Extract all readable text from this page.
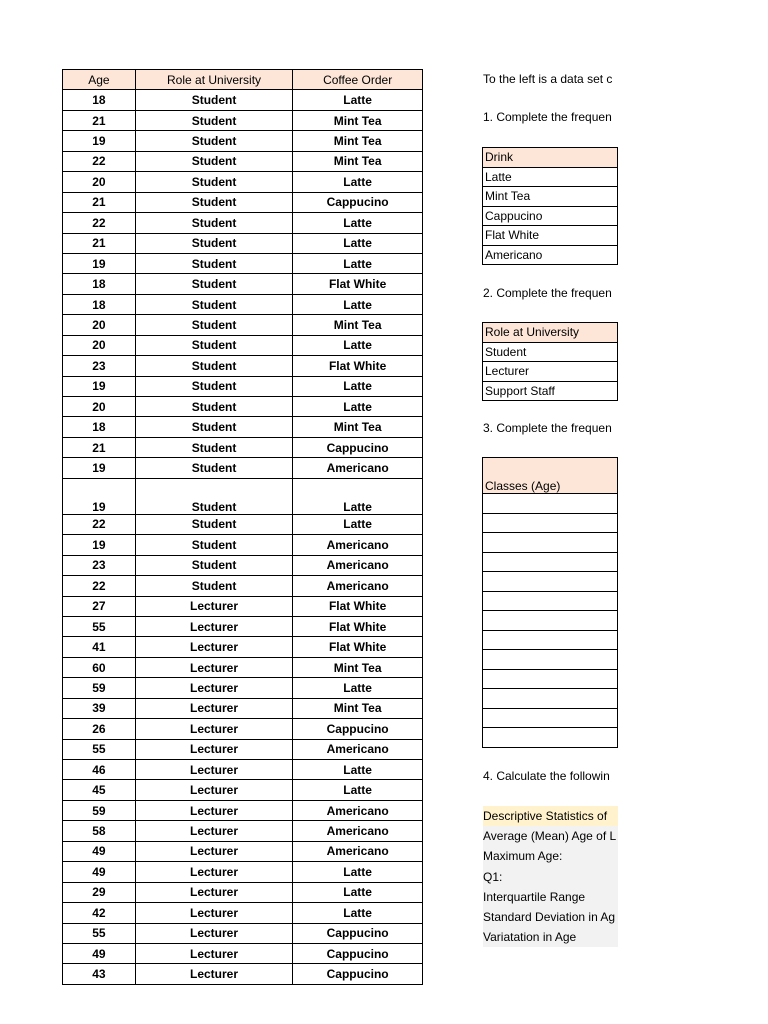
Age	Role at University	Coffee Order
18	Student	Latte
21	Student	Mint Tea
19	Student	Mint Tea
22	Student	Mint Tea
20	Student	Latte
21	Student	Cappucino
22	Student	Latte
21	Student	Latte
19	Student	Latte
18	Student	Flat White
18	Student	Latte
20	Student	Mint Tea
20	Student	Latte
23	Student	Flat White
19	Student	Latte
20	Student	Latte
18	Student	Mint Tea
21	Student	Cappucino
19	Student	Americano
19	Student	Latte
22	Student	Latte
19	Student	Americano
23	Student	Americano
22	Student	Americano
27	Lecturer	Flat White
55	Lecturer	Flat White
41	Lecturer	Flat White
60	Lecturer	Mint Tea
59	Lecturer	Latte
39	Lecturer	Mint Tea
26	Lecturer	Cappucino
55	Lecturer	Americano
46	Lecturer	Latte
45	Lecturer	Latte
59	Lecturer	Americano
58	Lecturer	Americano
49	Lecturer	Americano
49	Lecturer	Latte
29	Lecturer	Latte
42	Lecturer	Latte
55	Lecturer	Cappucino
49	Lecturer	Cappucino
43	Lecturer	Cappucino
To the left is a data set c
1. Complete the frequen
Drink
Latte
Mint Tea
Cappucino
Flat White
Americano
2. Complete the frequen
Role at University
Student
Lecturer
Support Staff
3. Complete the frequen
Classes (Age)

4. Calculate the followin
Descriptive Statistics of
Average (Mean) Age of L
Maximum Age:
Q1:
Interquartile Range
Standard Deviation in Ag
Variatation in Age
